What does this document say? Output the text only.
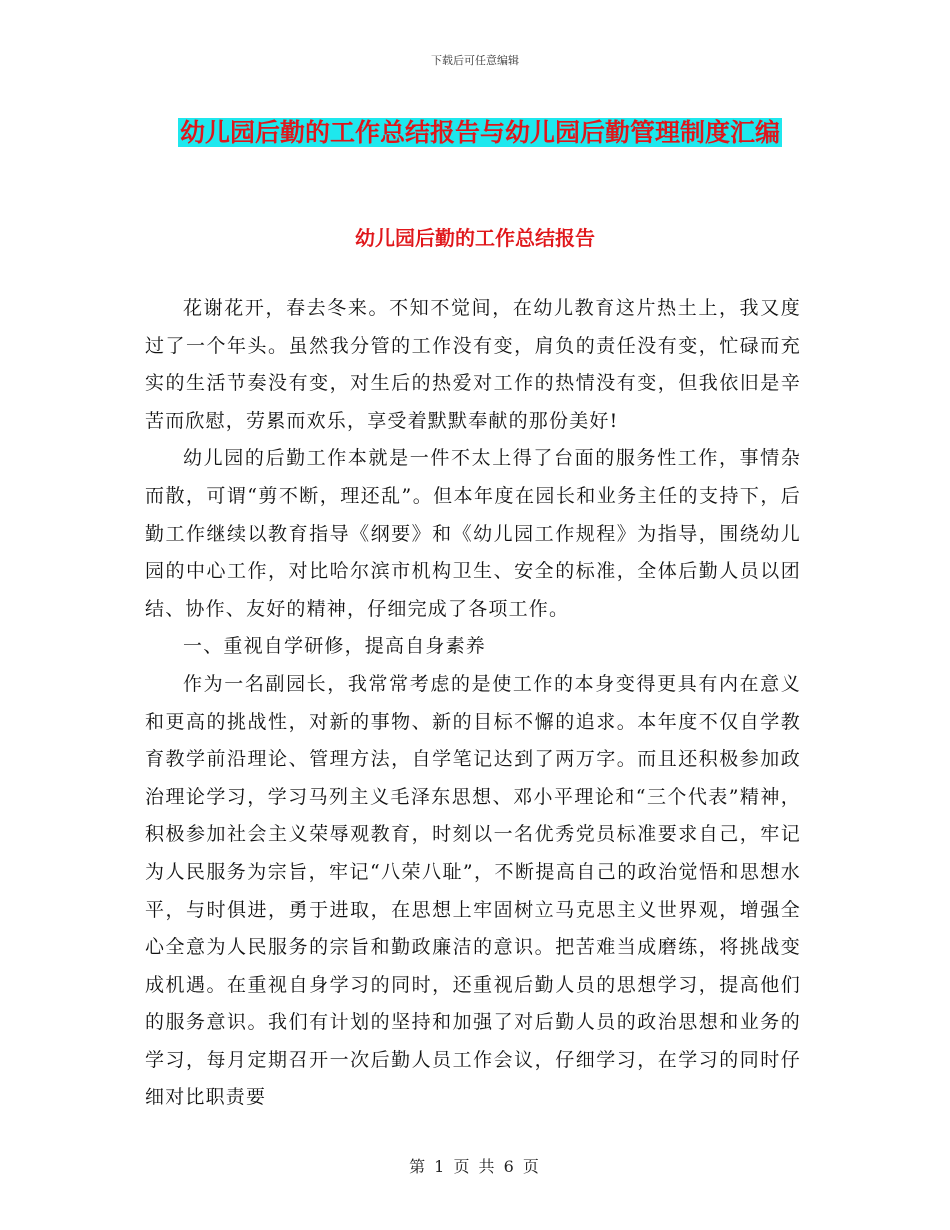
下载后可任意编辑
幼儿园后勤的工作总结报告与幼儿园后勤管理制度汇编
幼儿园后勤的工作总结报告

花谢花开，春去冬来。不知不觉间，在幼儿教育这片热土上，我又度过了一个年头。虽然我分管的工作没有变，肩负的责任没有变，忙碌而充实的生活节奏没有变，对生后的热爱对工作的热情没有变，但我依旧是辛苦而欣慰，劳累而欢乐，享受着默默奉献的那份美好!

幼儿园的后勤工作本就是一件不太上得了台面的服务性工作，事情杂而散，可谓“剪不断，理还乱”。但本年度在园长和业务主任的支持下，后勤工作继续以教育指导《纲要》和《幼儿园工作规程》为指导，围绕幼儿园的中心工作，对比哈尔滨市机构卫生、安全的标准，全体后勤人员以团结、协作、友好的精神，仔细完成了各项工作。

一、重视自学研修，提高自身素养

作为一名副园长，我常常考虑的是使工作的本身变得更具有内在意义和更高的挑战性，对新的事物、新的目标不懈的追求。本年度不仅自学教育教学前沿理论、管理方法，自学笔记达到了两万字。而且还积极参加政治理论学习，学习马列主义毛泽东思想、邓小平理论和“三个代表”精神，积极参加社会主义荣辱观教育，时刻以一名优秀党员标准要求自己，牢记为人民服务为宗旨，牢记“八荣八耻”，不断提高自己的政治觉悟和思想水平，与时俱进，勇于进取，在思想上牢固树立马克思主义世界观，增强全心全意为人民服务的宗旨和勤政廉洁的意识。把苦难当成磨练，将挑战变成机遇。在重视自身学习的同时，还重视后勤人员的思想学习，提高他们的服务意识。我们有计划的坚持和加强了对后勤人员的政治思想和业务的学习，每月定期召开一次后勤人员工作会议，仔细学习，在学习的同时仔细对比职责要

第 1 页 共 6 页
